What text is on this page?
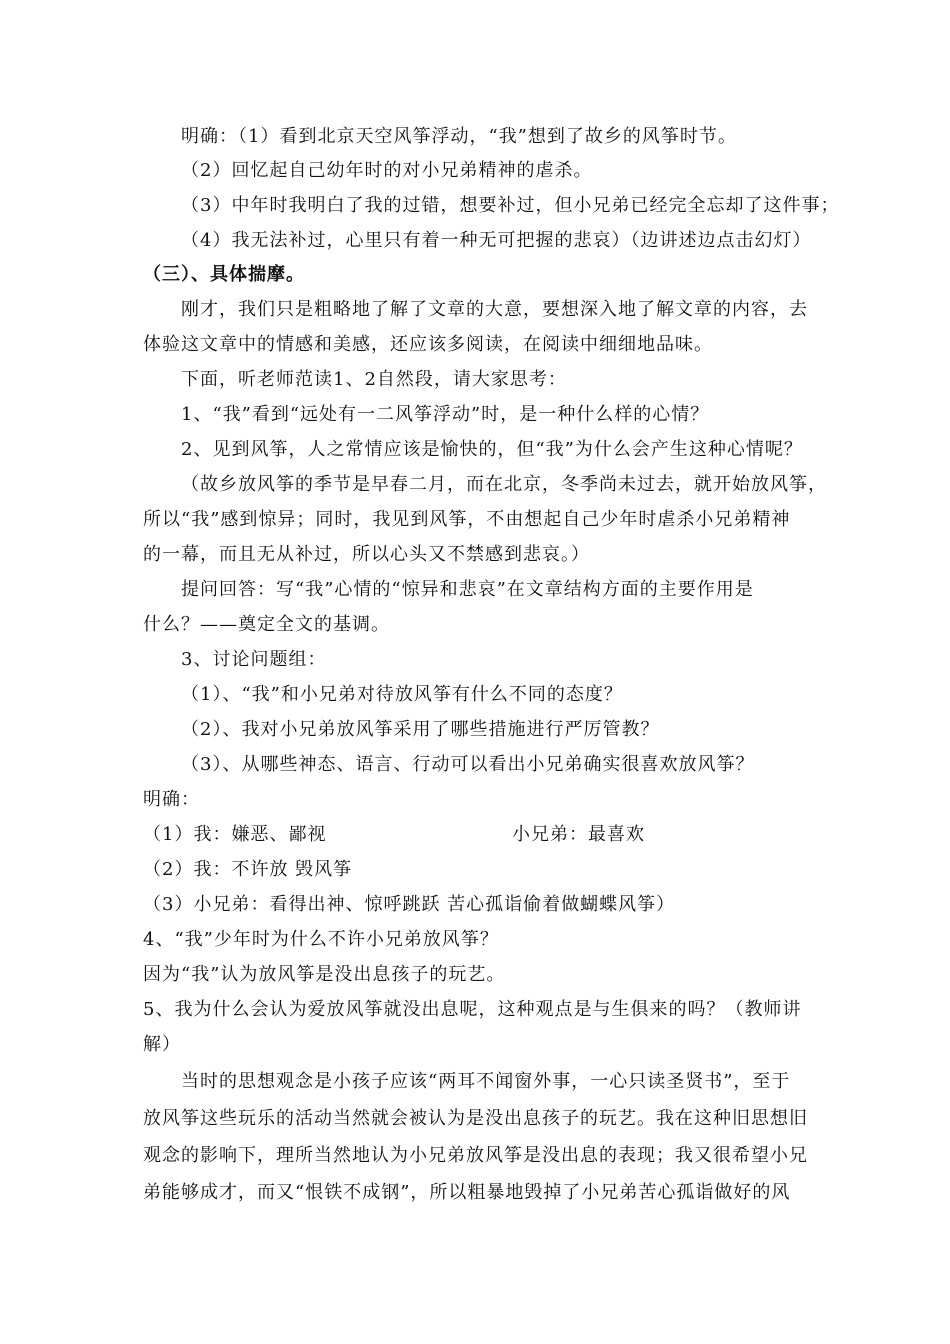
明确：（1）看到北京天空风筝浮动，“我”想到了故乡的风筝时节。
（2）回忆起自己幼年时的对小兄弟精神的虐杀。
（3）中年时我明白了我的过错，想要补过，但小兄弟已经完全忘却了这件事；
（4）我无法补过，心里只有着一种无可把握的悲哀）（边讲述边点击幻灯）
（三）、具体揣摩。
刚才，我们只是粗略地了解了文章的大意，要想深入地了解文章的内容，去
体验这文章中的情感和美感，还应该多阅读，在阅读中细细地品味。
下面，听老师范读1、2自然段，请大家思考：
1、“我”看到“远处有一二风筝浮动”时，是一种什么样的心情？
2、见到风筝，人之常情应该是愉快的，但“我”为什么会产生这种心情呢？
（故乡放风筝的季节是早春二月，而在北京，冬季尚未过去，就开始放风筝，
所以“我”感到惊异；同时，我见到风筝，不由想起自己少年时虐杀小兄弟精神
的一幕，而且无从补过，所以心头又不禁感到悲哀。）
提问回答：写“我”心情的“惊异和悲哀”在文章结构方面的主要作用是
什么？——奠定全文的基调。
3、讨论问题组：
（1）、“我”和小兄弟对待放风筝有什么不同的态度？
（2）、我对小兄弟放风筝采用了哪些措施进行严厉管教？
（3）、从哪些神态、语言、行动可以看出小兄弟确实很喜欢放风筝？
明确：
（1）我：嫌恶、鄙视	小兄弟：最喜欢
（2）我：不许放 毁风筝
（3）小兄弟：看得出神、惊呼跳跃 苦心孤诣偷着做蝴蝶风筝）
4、“我”少年时为什么不许小兄弟放风筝？
因为“我”认为放风筝是没出息孩子的玩艺。
5、我为什么会认为爱放风筝就没出息呢，这种观点是与生俱来的吗？（教师讲
解）
当时的思想观念是小孩子应该“两耳不闻窗外事，一心只读圣贤书”，至于
放风筝这些玩乐的活动当然就会被认为是没出息孩子的玩艺。我在这种旧思想旧
观念的影响下，理所当然地认为小兄弟放风筝是没出息的表现；我又很希望小兄
弟能够成才，而又“恨铁不成钢”，所以粗暴地毁掉了小兄弟苦心孤诣做好的风
